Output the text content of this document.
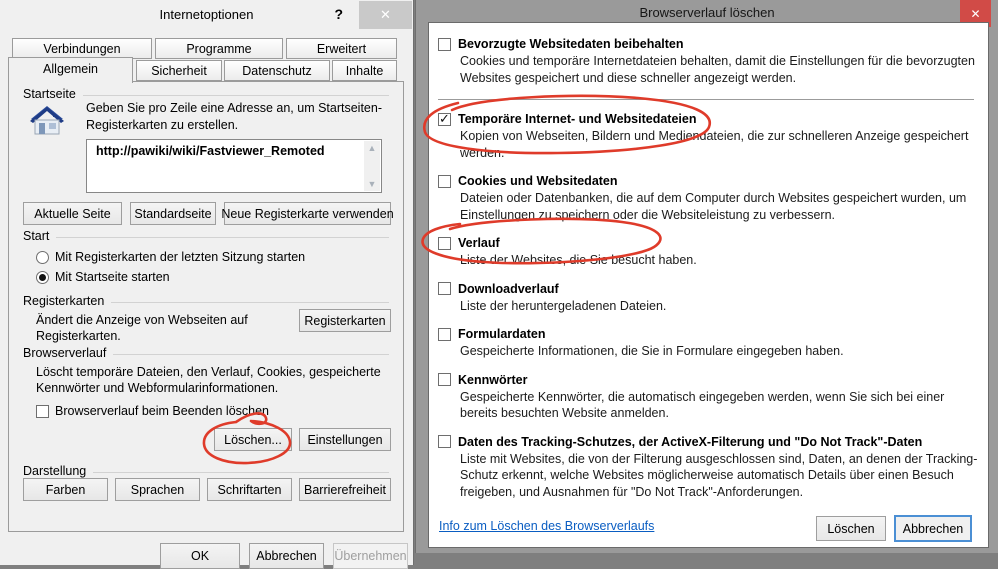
Internetoptionen	?	✕
Verbindungen	Programme	Erweitert
Allgemein	Sicherheit	Datenschutz	Inhalte
Startseite
Geben Sie pro Zeile eine Adresse an, um Startseiten-Registerkarten zu erstellen.
http://pawiki/wiki/Fastviewer_Remoted	▲
▼
Aktuelle Seite	Standardseite Neue Registerkarte verwenden
Start
Mit Registerkarten der letzten Sitzung starten
Mit Startseite starten
Registerkarten
Ändert die Anzeige von Webseiten auf Registerkarten.
Registerkarten
Browserverlauf
Löscht temporäre Dateien, den Verlauf, Cookies, gespeicherte Kennwörter und Webformularinformationen.
Browserverlauf beim Beenden löschen
Löschen...	Einstellungen
Darstellung
Farben	Sprachen	Schriftarten	Barrierefreiheit
OK	Abbrechen	Übernehmen
Browserverlauf löschen	✕
Bevorzugte Websitedaten beibehalten
Cookies und temporäre Internetdateien behalten, damit die Einstellungen für die bevorzugten Websites gespeichert und diese schneller angezeigt werden.
✓
Temporäre Internet- und Websitedateien
Kopien von Webseiten, Bildern und Mediendateien, die zur schnelleren Anzeige gespeichert werden.
Cookies und Websitedaten
Dateien oder Datenbanken, die auf dem Computer durch Websites gespeichert wurden, um Einstellungen zu speichern oder die Websiteleistung zu verbessern.
Verlauf
Liste der Websites, die Sie besucht haben.
Downloadverlauf
Liste der heruntergeladenen Dateien.
Formulardaten
Gespeicherte Informationen, die Sie in Formulare eingegeben haben.
Kennwörter
Gespeicherte Kennwörter, die automatisch eingegeben werden, wenn Sie sich bei einer bereits besuchten Website anmelden.
Daten des Tracking-Schutzes, der ActiveX-Filterung und "Do Not Track"-Daten
Liste mit Websites, die von der Filterung ausgeschlossen sind, Daten, an denen der Tracking-Schutz erkennt, welche Websites möglicherweise automatisch Details über einen Besuch freigeben, und Ausnahmen für "Do Not Track"-Anforderungen.
Info zum Löschen des Browserverlaufs	Löschen	Abbrechen
